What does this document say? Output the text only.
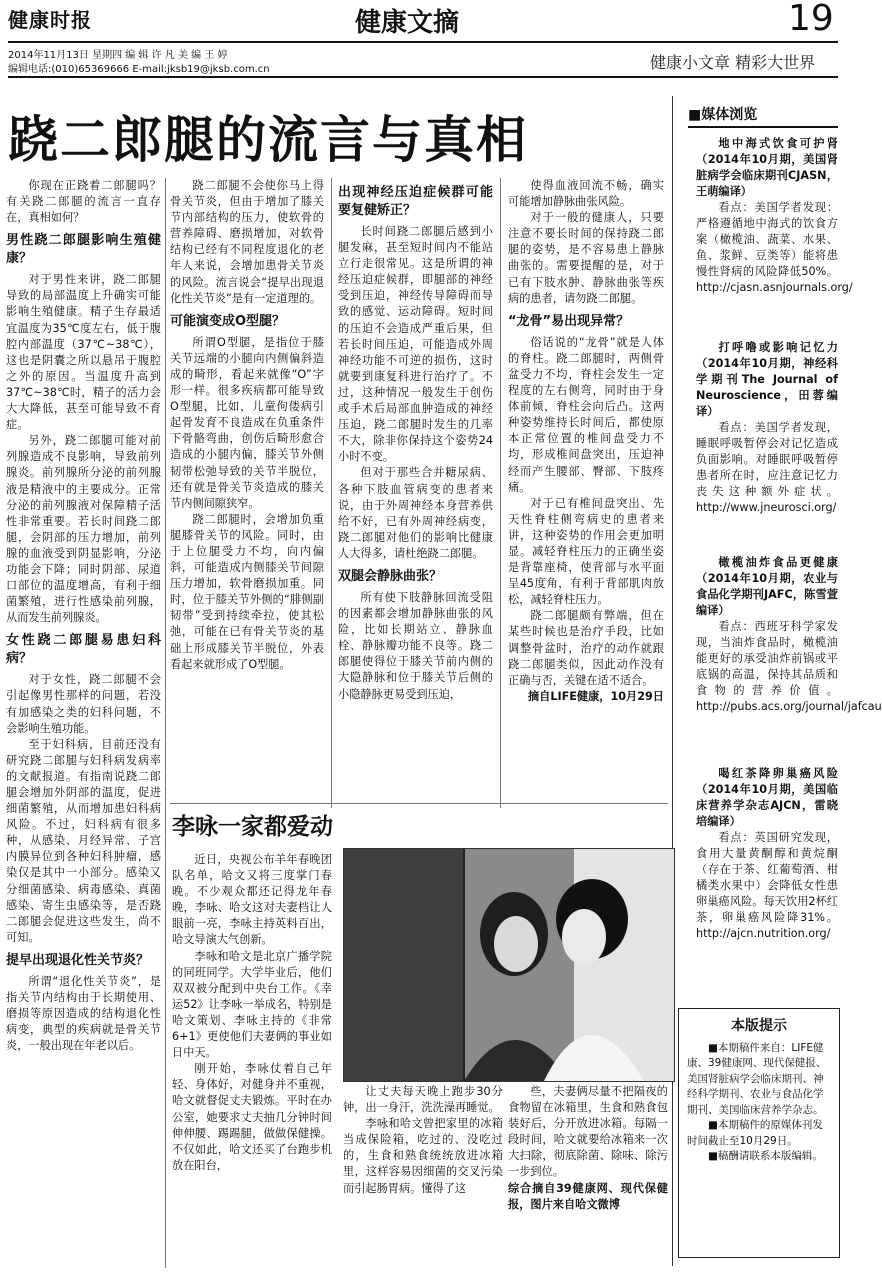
健康时报	健康文摘	19
2014年11月13日 星期四 编 辑 许 凡 美 编 王 婷
编辑电话:(010)65369666 E-mail:jksb19@jksb.com.cn	健康小文章 精彩大世界
跷二郎腿的流言与真相

你现在正跷着二郎腿吗？有关跷二郎腿的流言一直存在，真相如何？

男性跷二郎腿影响生殖健康？

对于男性来讲，跷二郎腿导致的局部温度上升确实可能影响生殖健康。精子生存最适宜温度为35℃度左右，低于腹腔内部温度（37℃~38℃），这也是阴囊之所以悬吊于腹腔之外的原因。当温度升高到37℃~38℃时，精子的活力会大大降低，甚至可能导致不育症。

另外，跷二郎腿可能对前列腺造成不良影响，导致前列腺炎。前列腺所分泌的前列腺液是精液中的主要成分。正常分泌的前列腺液对保障精子活性非常重要。若长时间跷二郎腿，会阴部的压力增加，前列腺的血液受到阴显影响，分泌功能会下降；同时阴部、尿道口部位的温度增高，有利于细菌繁殖，进行性感染前列腺，从而发生前列腺炎。

女性跷二郎腿易患妇科病？

对于女性，跷二郎腿不会引起像男性那样的问题，若没有加感染之类的妇科问题，不会影响生殖功能。

至于妇科病，目前还没有研究跷二郎腿与妇科病发病率的文献报道。有指南说跷二郎腿会增加外阴部的温度，促进细菌繁殖，从而增加患妇科病风险。不过，妇科病有很多种，从感染、月经异常、子宫内膜异位到各种妇科肿瘤，感染仅是其中一小部分。感染又分细菌感染、病毒感染、真菌感染、寄生虫感染等，是否跷二郎腿会促进这些发生，尚不可知。

提早出现退化性关节炎？

所谓“退化性关节炎”，是指关节内结构由于长期使用、磨损等原因造成的结构退化性病变，典型的疾病就是骨关节炎，一般出现在年老以后。

跷二郎腿不会使你马上得骨关节炎，但由于增加了膝关节内部结构的压力，使软骨的营养障碍、磨损增加，对软骨结构已经有不同程度退化的老年人来说，会增加患骨关节炎的风险。流言说会“提早出现退化性关节炎”是有一定道理的。

可能演变成O型腿？

所谓O型腿，是指位于膝关节远端的小腿向内侧偏斜造成的畸形，看起来就像“O”字形一样。很多疾病都可能导致O型腿，比如，儿童佝偻病引起骨发育不良造成在负重条件下骨骼弯曲，创伤后畸形愈合造成的小腿内偏，膝关节外侧韧带松弛导致的关节半脱位，还有就是骨关节炎造成的膝关节内侧间隙狭窄。

跷二郎腿时，会增加负重腿膝骨关节的风险。同时，由于上位腿受力不均，向内偏斜，可能造成内侧膝关节间隙压力增加，软骨磨损加重。同时，位于膝关节外侧的“腓侧副韧带”受到持续牵拉，使其松弛，可能在已有骨关节炎的基础上形成膝关节半脱位，外表看起来就形成了O型腿。

出现神经压迫症候群可能要复健矫正？

长时间跷二郎腿后感到小腿发麻，甚至短时间内不能站立行走很常见。这是所谓的神经压迫症候群，即腿部的神经受到压迫，神经传导障碍而导致的感觉、运动障碍。短时间的压迫不会造成严重后果，但若长时间压迫，可能造成外周神经功能不可逆的损伤，这时就要到康复科进行治疗了。不过，这种情况一般发生于创伤或手术后局部血肿造成的神经压迫，跷二郎腿时发生的几率不大，除非你保持这个姿势24小时不变。

但对于那些合并糖尿病、各种下肢血管病变的患者来说，由于外周神经本身营养供给不好，已有外周神经病变，跷二郎腿对他们的影响比健康人大得多，请杜绝跷二郎腿。

双腿会静脉曲张？

所有使下肢静脉回流受阻的因素都会增加静脉曲张的风险，比如长期站立、静脉血栓、静脉瓣功能不良等。跷二郎腿使得位于膝关节前内侧的大隐静脉和位于膝关节后侧的小隐静脉更易受到压迫，

使得血液回流不畅，确实可能增加静脉曲张风险。

对于一般的健康人，只要注意不要长时间的保持跷二郎腿的姿势，是不容易患上静脉曲张的。需要提醒的是，对于已有下肢水肿、静脉曲张等疾病的患者，请勿跷二郎腿。

“龙骨”易出现异常？

俗话说的“龙骨”就是人体的脊柱。跷二郎腿时，两侧骨盆受力不均，脊柱会发生一定程度的左右侧弯，同时由于身体前倾，脊柱会向后凸。这两种姿势维持长时间后，都使原本正常位置的椎间盘受力不均，形成椎间盘突出，压迫神经而产生腰部、臀部、下肢疼痛。

对于已有椎间盘突出、先天性脊柱侧弯病史的患者来讲，这种姿势的作用会更加明显。减轻脊柱压力的正确坐姿是背靠座椅，使背部与水平面呈45度角，有利于背部肌肉放松，减轻脊柱压力。

跷二郎腿颇有弊端，但在某些时候也是治疗手段，比如调整骨盆时，治疗的动作就跟跷二郎腿类似，因此动作没有正确与否，关键在适不适合。

摘自LIFE健康，10月29日
■媒体浏览
地中海式饮食可护肾（2014年10月期，美国肾脏病学会临床期刊CJASN，王萌编译）
看点：美国学者发现：严格遵循地中海式的饮食方案（橄榄油、蔬菜、水果、鱼、浆鲜、豆类等）能将患慢性肾病的风险降低50%。http://cjasn.asnjournals.org/
打呼噜或影响记忆力（2014年10月期，神经科学期刊The Journal of Neuroscience，田蓉编译）
看点：美国学者发现，睡眠呼吸暂停会对记忆造成负面影响。对睡眠呼吸暂停患者所在时，应注意记忆力丧失这种额外症状。http://www.jneurosci.org/
橄榄油炸食品更健康（2014年10月期，农业与食品化学期刊JAFC，陈雪萱编译）
看点：西班牙科学家发现，当油炸食品时，橄榄油能更好的承受油炸前锅或平底锅的高温，保持其品质和食物的营养价值。http://pubs.acs.org/journal/jafcau
喝红茶降卵巢癌风险（2014年10月期，美国临床营养学杂志AJCN，雷晓培编译）
看点：英国研究发现，食用大量黄酮醇和黄烷酮（存在于茶、红葡萄酒、柑橘类水果中）会降低女性患卵巢癌风险。每天饮用2杯红茶，卵巢癌风险降31%。http://ajcn.nutrition.org/
李咏一家都爱动

近日，央视公布羊年春晚团队名单，哈文又将三度掌门春晚。不少观众都还记得龙年春晚，李咏、哈文这对夫妻档让人眼前一亮，李咏主持英料百出，哈文导演大气创新。

李咏和哈文是北京广播学院的同班同学。大学毕业后，他们双双被分配到中央台工作。《幸运52》让李咏一举成名，特别是哈文策划、李咏主持的《非常6+1》更使他们夫妻俩的事业如日中天。

刚开始，李咏仗着自己年轻、身体好，对健身并不重视，哈文就督促丈夫锻炼。平时在办公室，她要求丈夫抽几分钟时间伸伸腰、踢踢腿，做做保健操。不仅如此，哈文还买了台跑步机放在阳台，

让丈夫每天晚上跑步30分钟，出一身汗，洗洗澡再睡觉。

李咏和哈文曾把家里的冰箱当成保险箱，吃过的、没吃过的，生食和熟食统统放进冰箱里，这样容易因细菌的交叉污染而引起肠胃病。懂得了这

些，夫妻俩尽量不把隔夜的食物留在冰箱里，生食和熟食包装好后，分开放进冰箱。每隔一段时间，哈文就要给冰箱来一次大扫除，彻底除菌、除味、除污一步到位。

综合摘自39健康网、现代保健报，图片来自哈文微博
本版提示

■本期稿件来自：LIFE健康、39健康网、现代保健报、美国肾脏病学会临床期刊、神经科学期刊、农业与食品化学期刊、美国临床营养学杂志。

■本期稿件的原媒体刊发时间截止至10月29日。

■稿酬请联系本版编辑。
